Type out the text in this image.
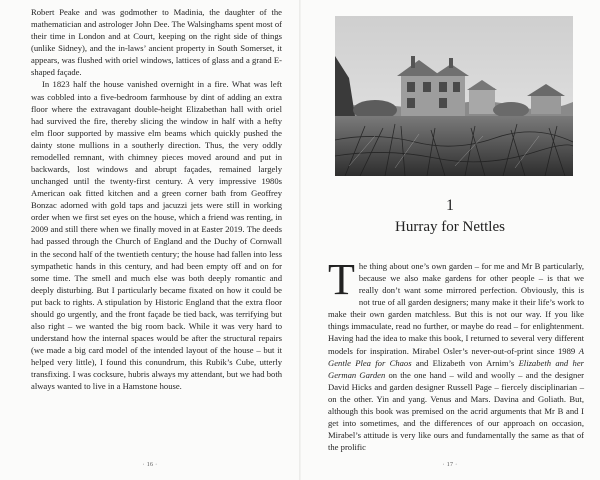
Robert Peake and was godmother to Madinia, the daughter of the mathematician and astrologer John Dee. The Walsinghams spent most of their time in London and at Court, keeping on the right side of things (unlike Sidney), and the in-laws’ ancient property in South Somerset, it appears, was flushed with oriel windows, lattices of glass and a grand E-shaped façade.

In 1823 half the house vanished overnight in a fire. What was left was cobbled into a five-bedroom farmhouse by dint of adding an extra floor where the extravagant double-height Elizabethan hall with oriel had survived the fire, thereby slicing the window in half with a hefty elm floor supported by massive elm beams which quickly pushed the dainty stone mullions in a southerly direction. Thus, the very oddly remodelled remnant, with chimney pieces moved around and put in backwards, lost windows and abrupt façades, remained largely unchanged until the twenty-first century. A very impressive 1980s American oak fitted kitchen and a green corner bath from Geoffrey Bonzac adorned with gold taps and jacuzzi jets were still in working order when we first set eyes on the house, which a friend was renting, in 2009 and still there when we finally moved in at Easter 2019. The deeds had passed through the Church of England and the Duchy of Cornwall in the second half of the twentieth century; the house had fallen into less sympathetic hands in this century, and had been empty off and on for some time. The smell and much else was both deeply romantic and deeply disturbing. But I particularly became fixated on how it could be put back to rights. A stipulation by Historic England that the extra floor should go urgently, and the front façade be tied back, was terrifying but also right – we wanted the big room back. While it was very hard to understand how the internal spaces would be after the structural repairs (we made a big card model of the intended layout of the house – but it helped very little), I found this conundrum, this Rubik’s Cube, utterly transfixing. I was cocksure, hubris always my attendant, but we had both always wanted to live in a Hamstone house.

· 16 ·
1
Hurray for Nettles

The thing about one’s own garden – for me and Mr B particularly, because we also make gardens for other people – is that we really don’t want some mirrored perfection. Obviously, this is not true of all garden designers; many make it their life’s work to make their own garden matchless. But this is not our way. If you like things immaculate, read no further, or maybe do read – for enlightenment. Having had the idea to make this book, I returned to several very different models for inspiration. Mirabel Osler’s never-out-of-print since 1989 A Gentle Plea for Chaos and Elizabeth von Arnim’s Elizabeth and her German Garden on the one hand – wild and woolly – and the designer David Hicks and garden designer Russell Page – fiercely disciplinarian – on the other. Yin and yang. Venus and Mars. Davina and Goliath. But, although this book was premised on the acrid arguments that Mr B and I get into sometimes, and the differences of our approach on occasion, Mirabel’s attitude is very like ours and fundamentally the same as that of the prolific

· 17 ·
